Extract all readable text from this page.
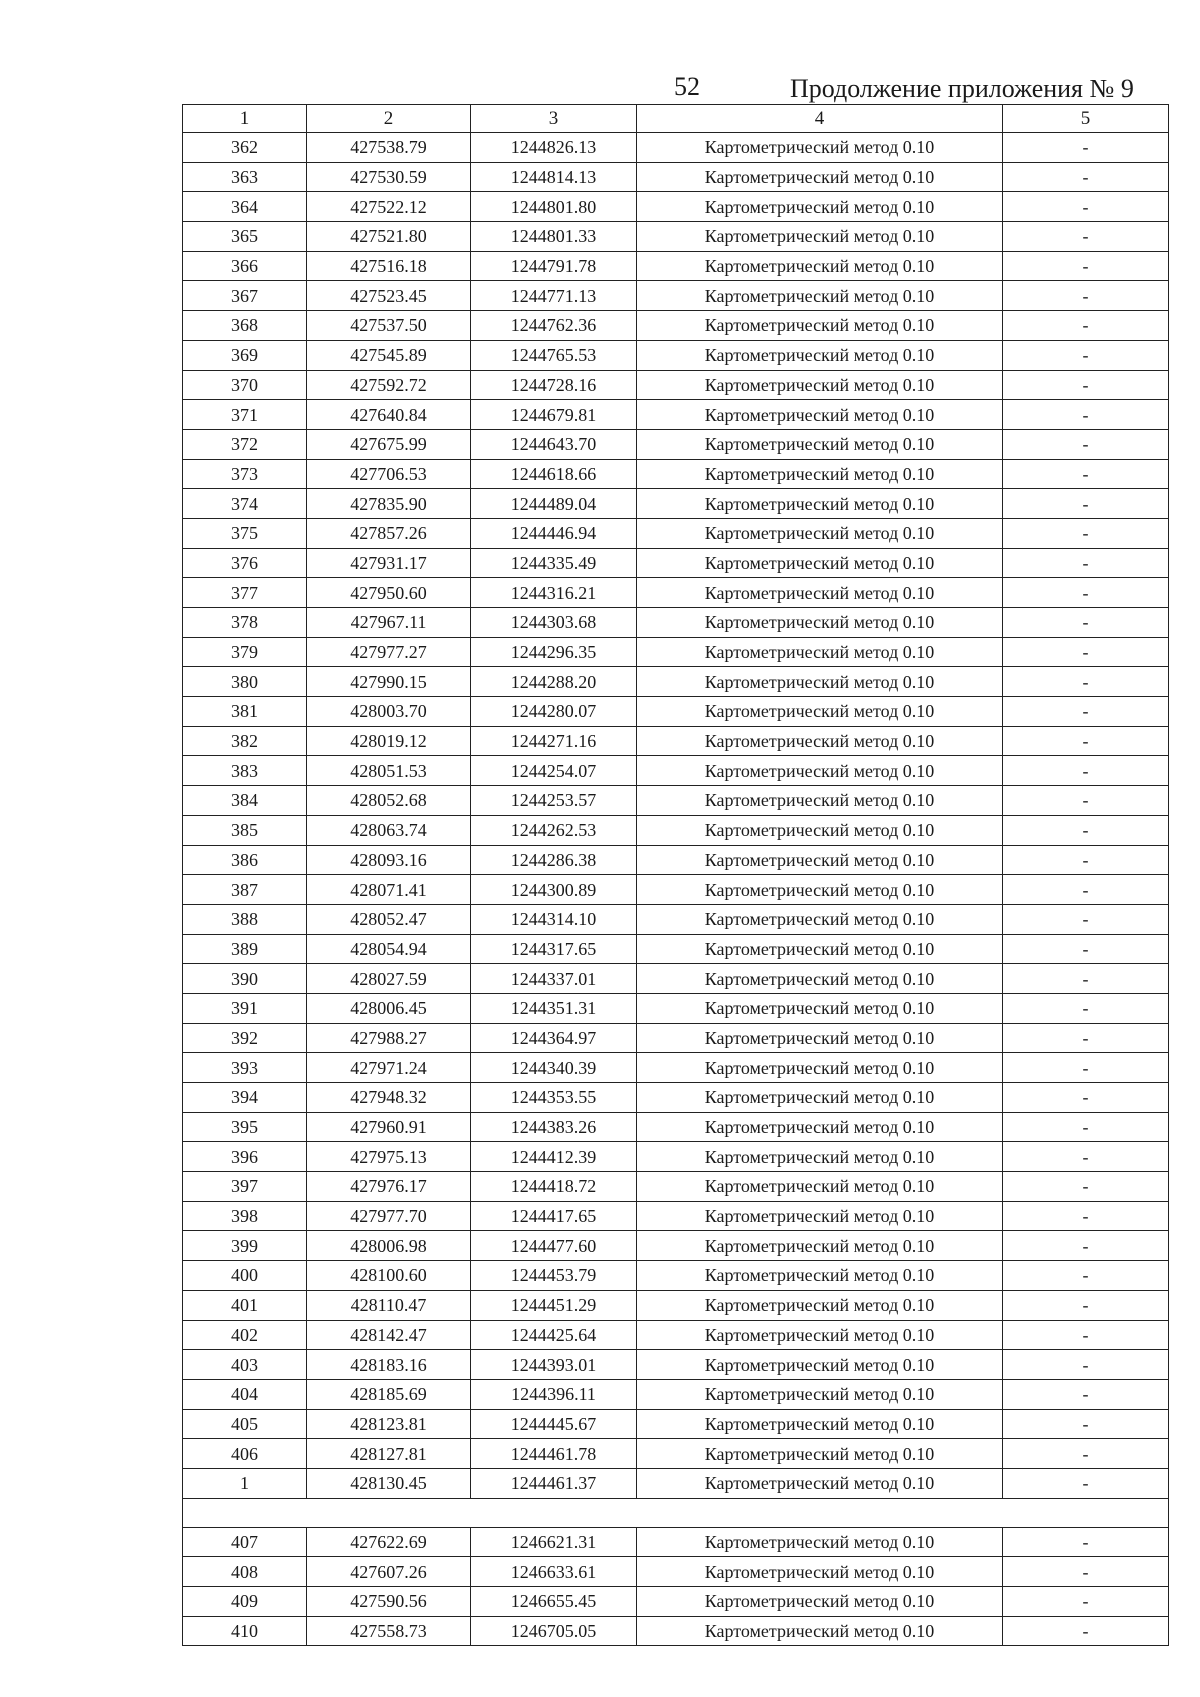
52	Продолжение приложения № 9
1	2	3	4	5
362	427538.79	1244826.13	Картометрический метод 0.10	-
363	427530.59	1244814.13	Картометрический метод 0.10	-
364	427522.12	1244801.80	Картометрический метод 0.10	-
365	427521.80	1244801.33	Картометрический метод 0.10	-
366	427516.18	1244791.78	Картометрический метод 0.10	-
367	427523.45	1244771.13	Картометрический метод 0.10	-
368	427537.50	1244762.36	Картометрический метод 0.10	-
369	427545.89	1244765.53	Картометрический метод 0.10	-
370	427592.72	1244728.16	Картометрический метод 0.10	-
371	427640.84	1244679.81	Картометрический метод 0.10	-
372	427675.99	1244643.70	Картометрический метод 0.10	-
373	427706.53	1244618.66	Картометрический метод 0.10	-
374	427835.90	1244489.04	Картометрический метод 0.10	-
375	427857.26	1244446.94	Картометрический метод 0.10	-
376	427931.17	1244335.49	Картометрический метод 0.10	-
377	427950.60	1244316.21	Картометрический метод 0.10	-
378	427967.11	1244303.68	Картометрический метод 0.10	-
379	427977.27	1244296.35	Картометрический метод 0.10	-
380	427990.15	1244288.20	Картометрический метод 0.10	-
381	428003.70	1244280.07	Картометрический метод 0.10	-
382	428019.12	1244271.16	Картометрический метод 0.10	-
383	428051.53	1244254.07	Картометрический метод 0.10	-
384	428052.68	1244253.57	Картометрический метод 0.10	-
385	428063.74	1244262.53	Картометрический метод 0.10	-
386	428093.16	1244286.38	Картометрический метод 0.10	-
387	428071.41	1244300.89	Картометрический метод 0.10	-
388	428052.47	1244314.10	Картометрический метод 0.10	-
389	428054.94	1244317.65	Картометрический метод 0.10	-
390	428027.59	1244337.01	Картометрический метод 0.10	-
391	428006.45	1244351.31	Картометрический метод 0.10	-
392	427988.27	1244364.97	Картометрический метод 0.10	-
393	427971.24	1244340.39	Картометрический метод 0.10	-
394	427948.32	1244353.55	Картометрический метод 0.10	-
395	427960.91	1244383.26	Картометрический метод 0.10	-
396	427975.13	1244412.39	Картометрический метод 0.10	-
397	427976.17	1244418.72	Картометрический метод 0.10	-
398	427977.70	1244417.65	Картометрический метод 0.10	-
399	428006.98	1244477.60	Картометрический метод 0.10	-
400	428100.60	1244453.79	Картометрический метод 0.10	-
401	428110.47	1244451.29	Картометрический метод 0.10	-
402	428142.47	1244425.64	Картометрический метод 0.10	-
403	428183.16	1244393.01	Картометрический метод 0.10	-
404	428185.69	1244396.11	Картометрический метод 0.10	-
405	428123.81	1244445.67	Картометрический метод 0.10	-
406	428127.81	1244461.78	Картометрический метод 0.10	-
1	428130.45	1244461.37	Картометрический метод 0.10	-

407	427622.69	1246621.31	Картометрический метод 0.10	-
408	427607.26	1246633.61	Картометрический метод 0.10	-
409	427590.56	1246655.45	Картометрический метод 0.10	-
410	427558.73	1246705.05	Картометрический метод 0.10	-
